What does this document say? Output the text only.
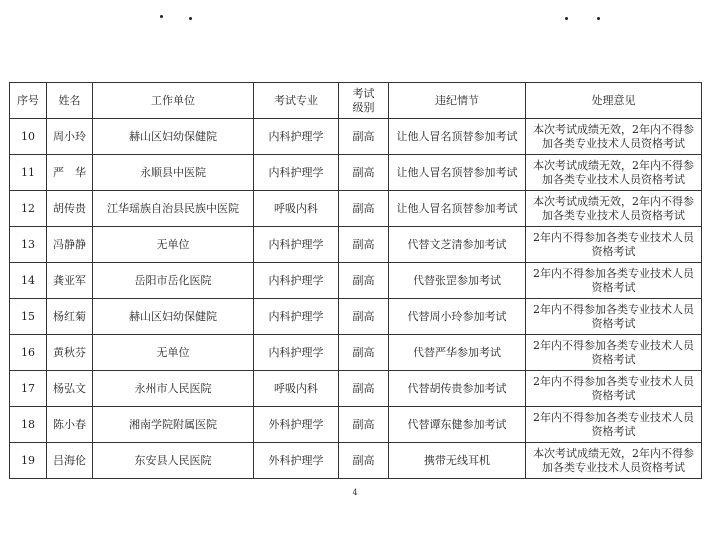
序号	姓名	工作单位	考试专业	考试级别	违纪情节	处理意见
10	周小玲	赫山区妇幼保健院	内科护理学	副高	让他人冒名顶替参加考试	本次考试成绩无效，2年内不得参加各类专业技术人员资格考试
11	严　华	永顺县中医院	内科护理学	副高	让他人冒名顶替参加考试	本次考试成绩无效，2年内不得参加各类专业技术人员资格考试
12	胡传贵	江华瑶族自治县民族中医院	呼吸内科	副高	让他人冒名顶替参加考试	本次考试成绩无效，2年内不得参加各类专业技术人员资格考试
13	冯静静	无单位	内科护理学	副高	代替文芝清参加考试	2年内不得参加各类专业技术人员资格考试
14	龚亚军	岳阳市岳化医院	内科护理学	副高	代替张罡参加考试	2年内不得参加各类专业技术人员资格考试
15	杨红菊	赫山区妇幼保健院	内科护理学	副高	代替周小玲参加考试	2年内不得参加各类专业技术人员资格考试
16	黄秋芬	无单位	内科护理学	副高	代替严华参加考试	2年内不得参加各类专业技术人员资格考试
17	杨弘文	永州市人民医院	呼吸内科	副高	代替胡传贵参加考试	2年内不得参加各类专业技术人员资格考试
18	陈小春	湘南学院附属医院	外科护理学	副高	代替谭东健参加考试	2年内不得参加各类专业技术人员资格考试
19	吕海伦	东安县人民医院	外科护理学	副高	携带无线耳机	本次考试成绩无效，2年内不得参加各类专业技术人员资格考试
4
